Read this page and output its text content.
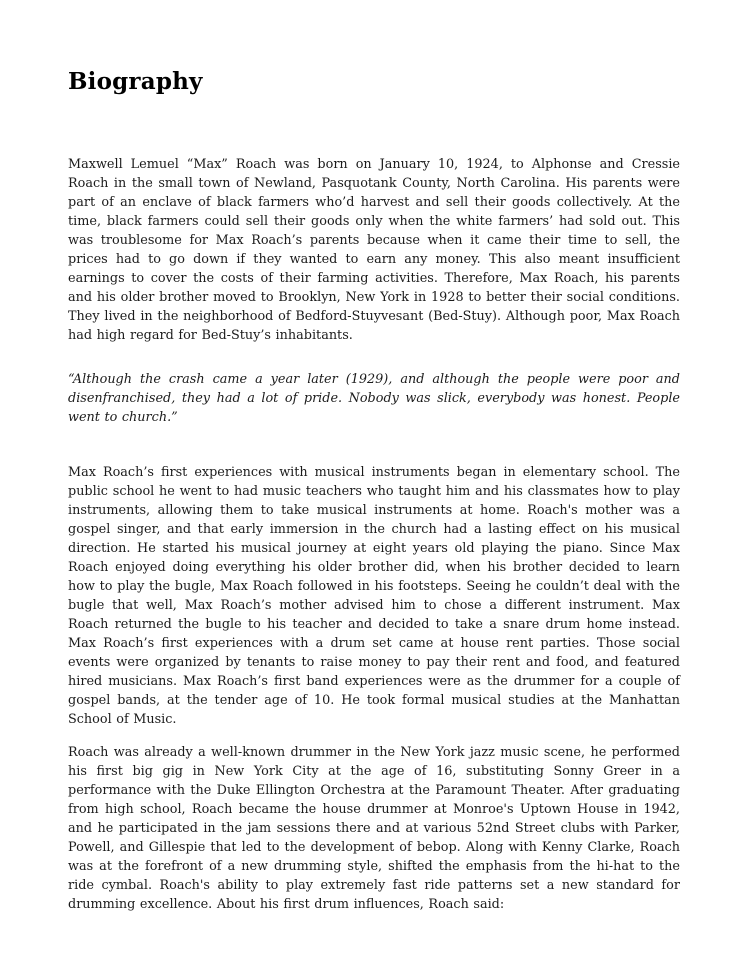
Biography

Maxwell Lemuel “Max” Roach was born on January 10, 1924, to Alphonse and Cressie Roach in the small town of Newland, Pasquotank County, North Carolina. His parents were part of an enclave of black farmers who’d harvest and sell their goods collectively. At the time, black farmers could sell their goods only when the white farmers’ had sold out. This was troublesome for Max Roach’s parents because when it came their time to sell, the prices had to go down if they wanted to earn any money. This also meant insufficient earnings to cover the costs of their farming activities. Therefore, Max Roach, his parents and his older brother moved to Brooklyn, New York in 1928 to better their social conditions. They lived in the neighborhood of Bedford-Stuyvesant (Bed-Stuy). Although poor, Max Roach had high regard for Bed-Stuy’s inhabitants.

“Although the crash came a year later (1929), and although the people were poor and disenfranchised, they had a lot of pride. Nobody was slick, everybody was honest. People went to church.”

Max Roach’s first experiences with musical instruments began in elementary school. The public school he went to had music teachers who taught him and his classmates how to play instruments, allowing them to take musical instruments at home. Roach's mother was a gospel singer, and that early immersion in the church had a lasting effect on his musical direction. He started his musical journey at eight years old playing the piano. Since Max Roach enjoyed doing everything his older brother did, when his brother decided to learn how to play the bugle, Max Roach followed in his footsteps. Seeing he couldn’t deal with the bugle that well, Max Roach’s mother advised him to chose a different instrument. Max Roach returned the bugle to his teacher and decided to take a snare drum home instead. Max Roach’s first experiences with a drum set came at house rent parties. Those social events were organized by tenants to raise money to pay their rent and food, and featured hired musicians. Max Roach’s first band experiences were as the drummer for a couple of gospel bands, at the tender age of 10. He took formal musical studies at the Manhattan School of Music.

Roach was already a well-known drummer in the New York jazz music scene, he performed his first big gig in New York City at the age of 16, substituting Sonny Greer in a performance with the Duke Ellington Orchestra at the Paramount Theater. After graduating from high school, Roach became the house drummer at Monroe's Uptown House in 1942, and he participated in the jam sessions there and at various 52nd Street clubs with Parker, Powell, and Gillespie that led to the development of bebop. Along with Kenny Clarke, Roach was at the forefront of a new drumming style, shifted the emphasis from the hi-hat to the ride cymbal. Roach's ability to play extremely fast ride patterns set a new standard for drumming excellence. About his first drum influences, Roach said:
